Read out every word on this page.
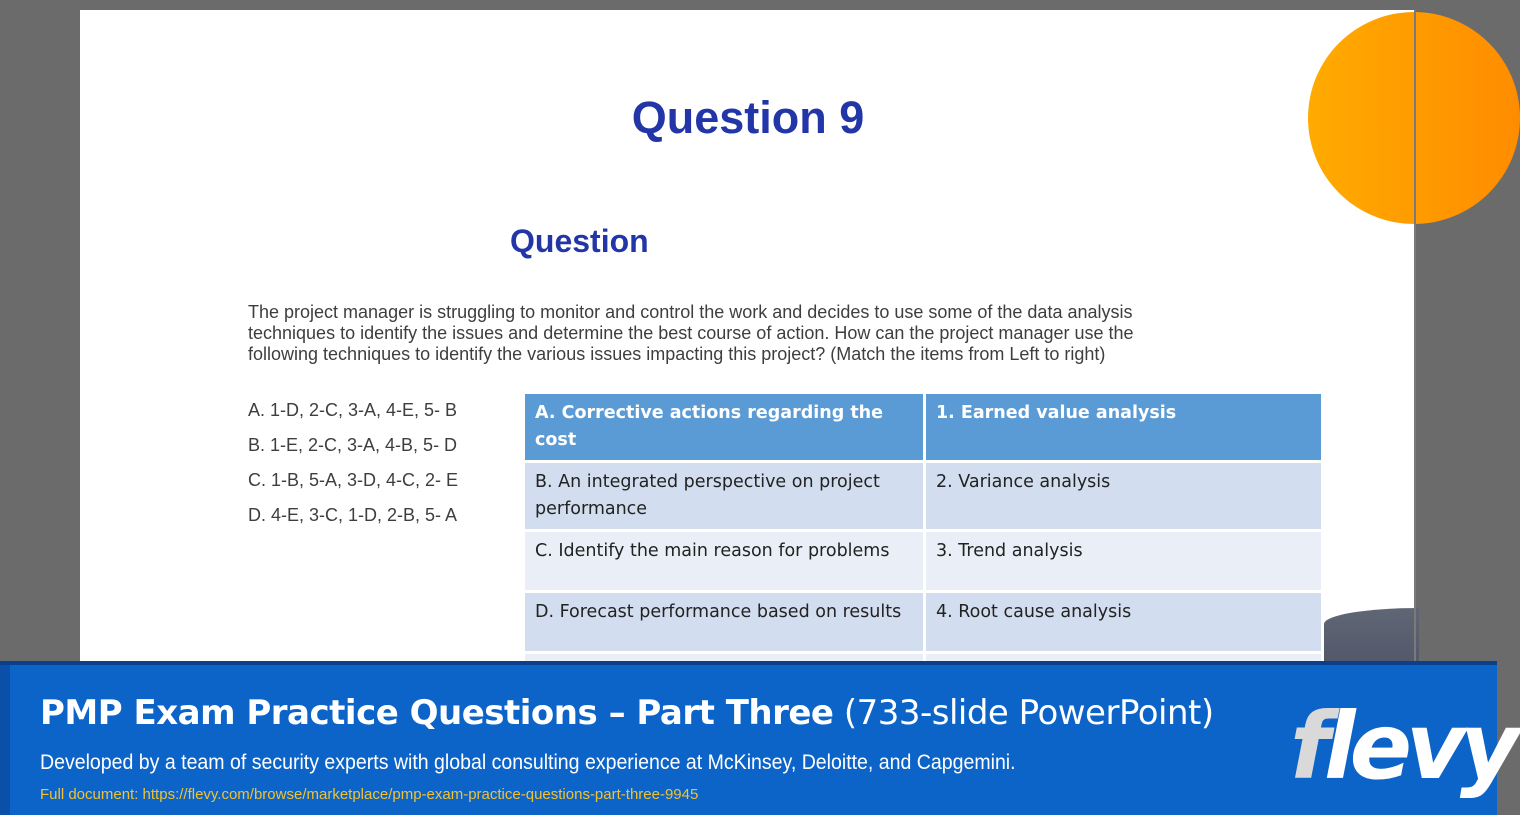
Question 9
Question

The project manager is struggling to monitor and control the work and decides to use some of the data analysis techniques to identify the issues and determine the best course of action. How can the project manager use the following techniques to identify the various issues impacting this project? (Match the items from Left to right)

A. 1-D, 2-C, 3-A, 4-E, 5- B
B. 1-E, 2-C, 3-A, 4-B, 5- D
C. 1-B, 5-A, 3-D, 4-C, 2- E
D. 4-E, 3-C, 1-D, 2-B, 5- A
A. Corrective actions regarding the cost	1. Earned value analysis
B. An integrated perspective on project performance	2. Variance analysis
C. Identify the main reason for problems	3. Trend analysis
D. Forecast performance based on results	4. Root cause analysis

PMP Exam Practice Questions – Part Three (733-slide PowerPoint)
Developed by a team of security experts with global consulting experience at McKinsey, Deloitte, and Capgemini.
Full document: https://flevy.com/browse/marketplace/pmp-exam-practice-questions-part-three-9945	flevy
